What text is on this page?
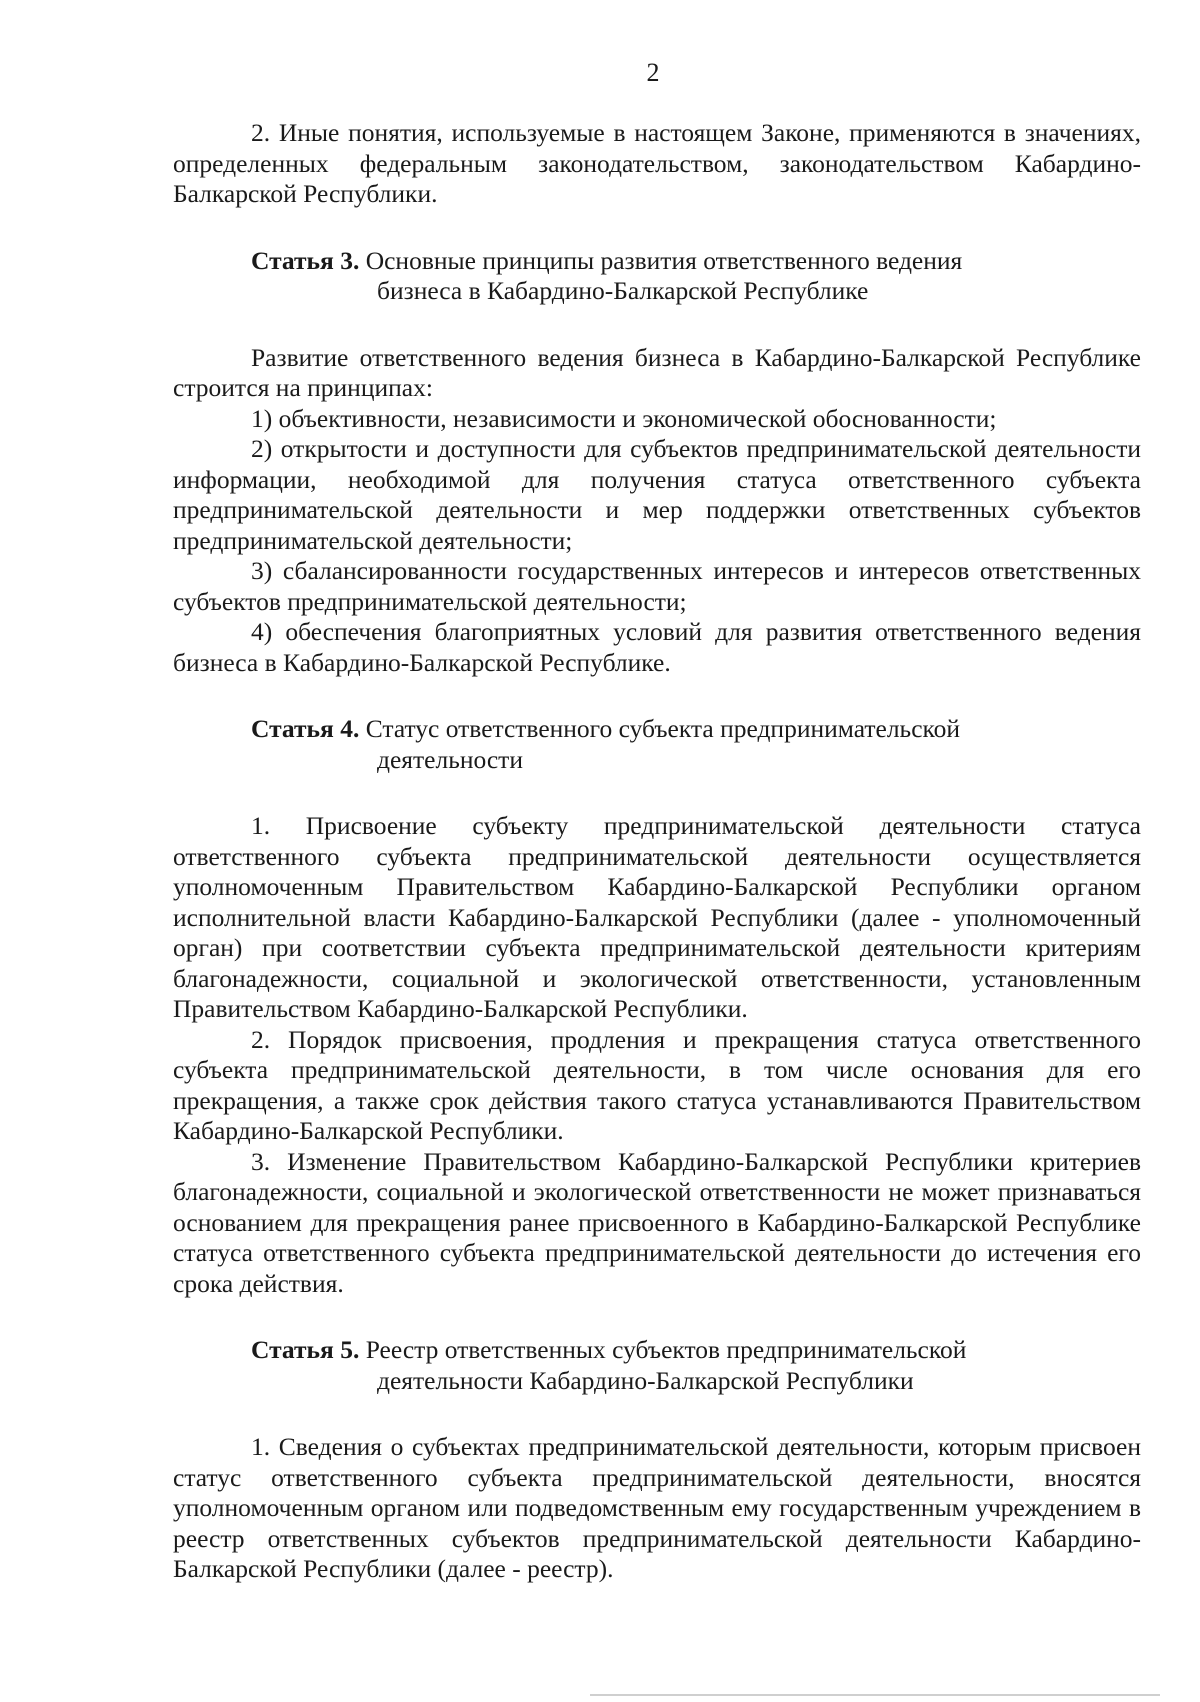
2

2. Иные понятия, используемые в настоящем Законе, применяются в значениях, определенных федеральным законодательством, законодательством Кабардино-Балкарской Республики.

Статья 3. Основные принципы развития ответственного ведения
бизнеса в Кабардино-Балкарской Республике

Развитие ответственного ведения бизнеса в Кабардино-Балкарской Республике строится на принципах:

1) объективности, независимости и экономической обоснованности;

2) открытости и доступности для субъектов предпринимательской деятельности информации, необходимой для получения статуса ответственного субъекта предпринимательской деятельности и мер поддержки ответственных субъектов предпринимательской деятельности;

3) сбалансированности государственных интересов и интересов ответственных субъектов предпринимательской деятельности;

4) обеспечения благоприятных условий для развития ответственного ведения бизнеса в Кабардино-Балкарской Республике.

Статья 4. Статус ответственного субъекта предпринимательской
деятельности

1. Присвоение субъекту предпринимательской деятельности статуса ответственного субъекта предпринимательской деятельности осуществляется уполномоченным Правительством Кабардино-Балкарской Республики органом исполнительной власти Кабардино-Балкарской Республики (далее - уполномоченный орган) при соответствии субъекта предпринимательской деятельности критериям благонадежности, социальной и экологической ответственности, установленным Правительством Кабардино-Балкарской Республики.

2. Порядок присвоения, продления и прекращения статуса ответственного субъекта предпринимательской деятельности, в том числе основания для его прекращения, а также срок действия такого статуса устанавливаются Правительством Кабардино-Балкарской Республики.

3. Изменение Правительством Кабардино-Балкарской Республики критериев благонадежности, социальной и экологической ответственности не может признаваться основанием для прекращения ранее присвоенного в Кабардино-Балкарской Республике статуса ответственного субъекта предпринимательской деятельности до истечения его срока действия.

Статья 5. Реестр ответственных субъектов предпринимательской
деятельности Кабардино-Балкарской Республики

1. Сведения о субъектах предпринимательской деятельности, которым присвоен статус ответственного субъекта предпринимательской деятельности, вносятся уполномоченным органом или подведомственным ему государственным учреждением в реестр ответственных субъектов предпринимательской деятельности Кабардино-Балкарской Республики (далее - реестр).
